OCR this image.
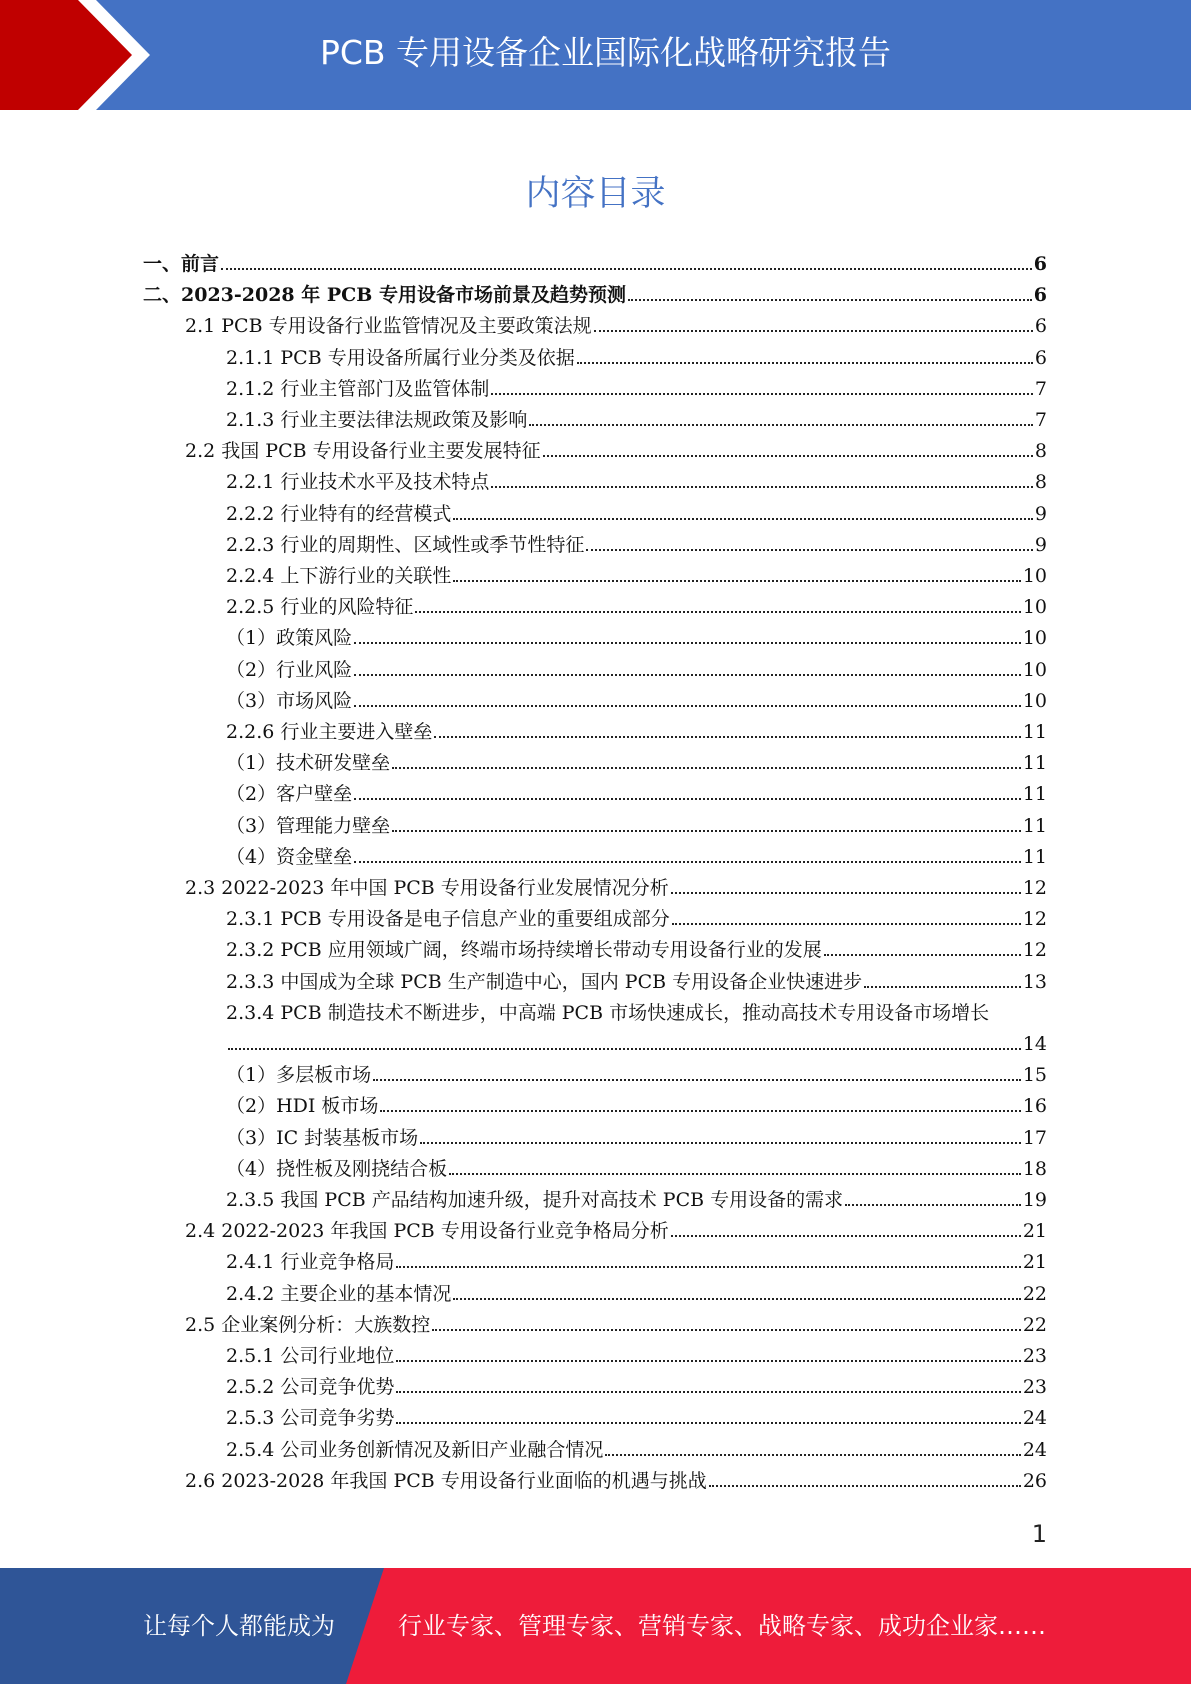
PCB 专用设备企业国际化战略研究报告
内容目录
一、前言	6
二、2023-2028 年 PCB 专用设备市场前景及趋势预测	6
2.1 PCB 专用设备行业监管情况及主要政策法规	6
2.1.1 PCB 专用设备所属行业分类及依据	6
2.1.2 行业主管部门及监管体制	7
2.1.3 行业主要法律法规政策及影响	7
2.2 我国 PCB 专用设备行业主要发展特征	8
2.2.1 行业技术水平及技术特点	8
2.2.2 行业特有的经营模式	9
2.2.3 行业的周期性、区域性或季节性特征	9
2.2.4 上下游行业的关联性	10
2.2.5 行业的风险特征	10
（1）政策风险	10
（2）行业风险	10
（3）市场风险	10
2.2.6 行业主要进入壁垒	11
（1）技术研发壁垒	11
（2）客户壁垒	11
（3）管理能力壁垒	11
（4）资金壁垒	11
2.3 2022-2023 年中国 PCB 专用设备行业发展情况分析	12
2.3.1 PCB 专用设备是电子信息产业的重要组成部分	12
2.3.2 PCB 应用领域广阔，终端市场持续增长带动专用设备行业的发展	12
2.3.3 中国成为全球 PCB 生产制造中心，国内 PCB 专用设备企业快速进步	13
2.3.4 PCB 制造技术不断进步，中高端 PCB 市场快速成长，推动高技术专用设备市场增长
14
（1）多层板市场	15
（2）HDI 板市场	16
（3）IC 封装基板市场	17
（4）挠性板及刚挠结合板	18
2.3.5 我国 PCB 产品结构加速升级，提升对高技术 PCB 专用设备的需求	19
2.4 2022-2023 年我国 PCB 专用设备行业竞争格局分析	21
2.4.1 行业竞争格局	21
2.4.2 主要企业的基本情况	22
2.5 企业案例分析：大族数控	22
2.5.1 公司行业地位	23
2.5.2 公司竞争优势	23
2.5.3 公司竞争劣势	24
2.5.4 公司业务创新情况及新旧产业融合情况	24
2.6 2023-2028 年我国 PCB 专用设备行业面临的机遇与挑战	26
1
让每个人都能成为	行业专家、管理专家、营销专家、战略专家、成功企业家……
